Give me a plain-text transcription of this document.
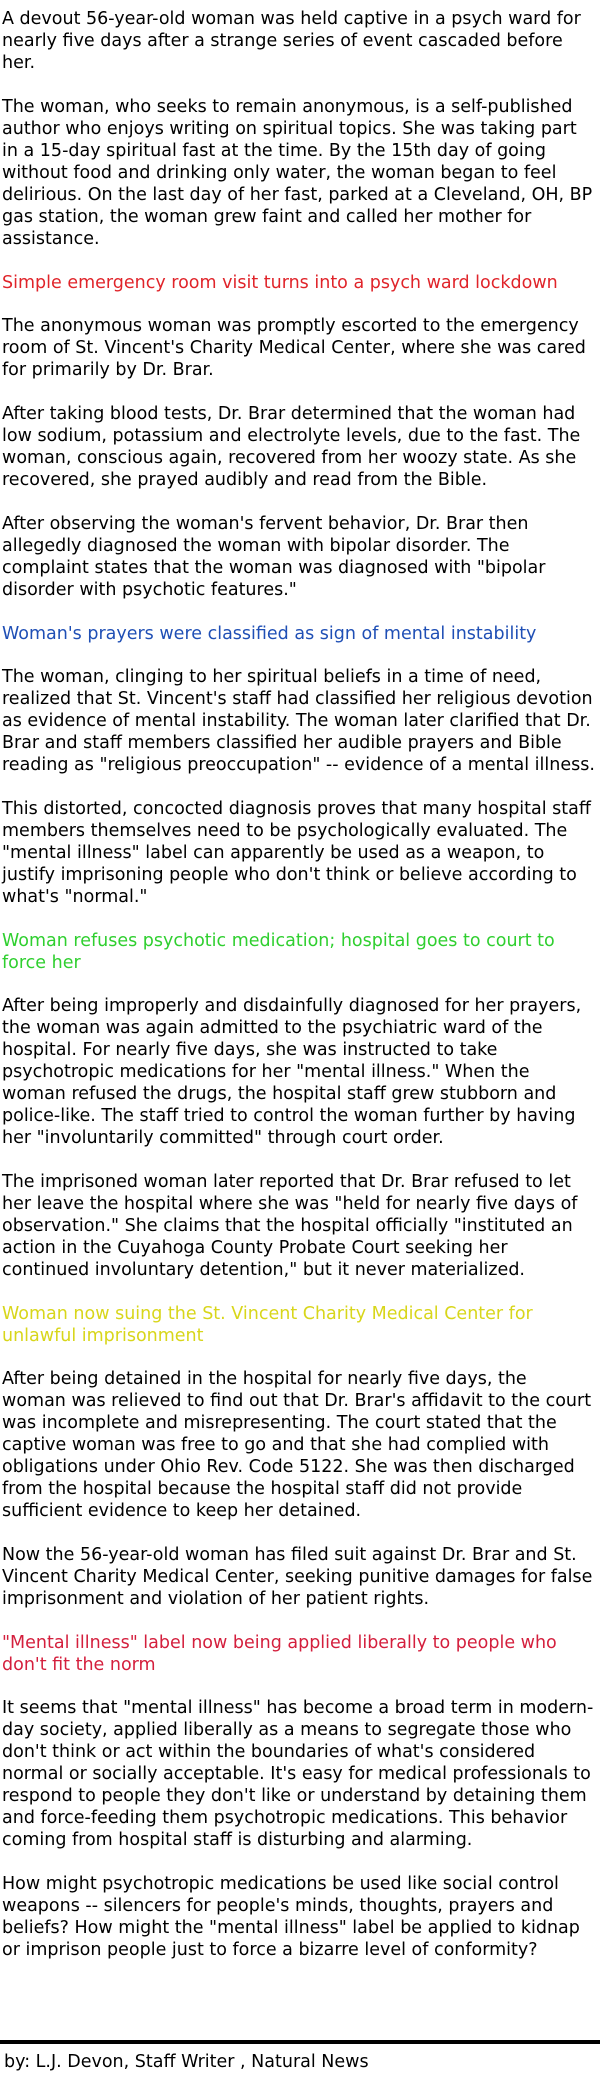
A devout 56-year-old woman was held captive in a psych ward for nearly five days after a strange series of event cascaded before her.

The woman, who seeks to remain anonymous, is a self-published author who enjoys writing on spiritual topics. She was taking part in a 15-day spiritual fast at the time. By the 15th day of going without food and drinking only water, the woman began to feel delirious. On the last day of her fast, parked at a Cleveland, OH, BP gas station, the woman grew faint and called her mother for assistance.

Simple emergency room visit turns into a psych ward lockdown

The anonymous woman was promptly escorted to the emergency room of St. Vincent's Charity Medical Center, where she was cared for primarily by Dr. Brar.

After taking blood tests, Dr. Brar determined that the woman had low sodium, potassium and electrolyte levels, due to the fast. The woman, conscious again, recovered from her woozy state. As she recovered, she prayed audibly and read from the Bible.

After observing the woman's fervent behavior, Dr. Brar then allegedly diagnosed the woman with bipolar disorder. The complaint states that the woman was diagnosed with "bipolar disorder with psychotic features."

Woman's prayers were classified as sign of mental instability

The woman, clinging to her spiritual beliefs in a time of need, realized that St. Vincent's staff had classified her religious devotion as evidence of mental instability. The woman later clarified that Dr. Brar and staff members classified her audible prayers and Bible reading as "religious preoccupation" -- evidence of a mental illness.

This distorted, concocted diagnosis proves that many hospital staff members themselves need to be psychologically evaluated. The "mental illness" label can apparently be used as a weapon, to justify imprisoning people who don't think or believe according to what's "normal."

Woman refuses psychotic medication; hospital goes to court to force her

After being improperly and disdainfully diagnosed for her prayers, the woman was again admitted to the psychiatric ward of the hospital. For nearly five days, she was instructed to take psychotropic medications for her "mental illness." When the woman refused the drugs, the hospital staff grew stubborn and police-like. The staff tried to control the woman further by having her "involuntarily committed" through court order.

The imprisoned woman later reported that Dr. Brar refused to let her leave the hospital where she was "held for nearly five days of observation." She claims that the hospital officially "instituted an action in the Cuyahoga County Probate Court seeking her continued involuntary detention," but it never materialized.

Woman now suing the St. Vincent Charity Medical Center for unlawful imprisonment

After being detained in the hospital for nearly five days, the woman was relieved to find out that Dr. Brar's affidavit to the court was incomplete and misrepresenting. The court stated that the captive woman was free to go and that she had complied with obligations under Ohio Rev. Code 5122. She was then discharged from the hospital because the hospital staff did not provide sufficient evidence to keep her detained.

Now the 56-year-old woman has filed suit against Dr. Brar and St. Vincent Charity Medical Center, seeking punitive damages for false imprisonment and violation of her patient rights.

"Mental illness" label now being applied liberally to people who don't fit the norm

It seems that "mental illness" has become a broad term in modern-day society, applied liberally as a means to segregate those who don't think or act within the boundaries of what's considered normal or socially acceptable. It's easy for medical professionals to respond to people they don't like or understand by detaining them and force-feeding them psychotropic medications. This behavior coming from hospital staff is disturbing and alarming.

How might psychotropic medications be used like social control weapons -- silencers for people's minds, thoughts, prayers and beliefs? How might the "mental illness" label be applied to kidnap or imprison people just to force a bizarre level of conformity?

by: L.J. Devon, Staff Writer , Natural News
